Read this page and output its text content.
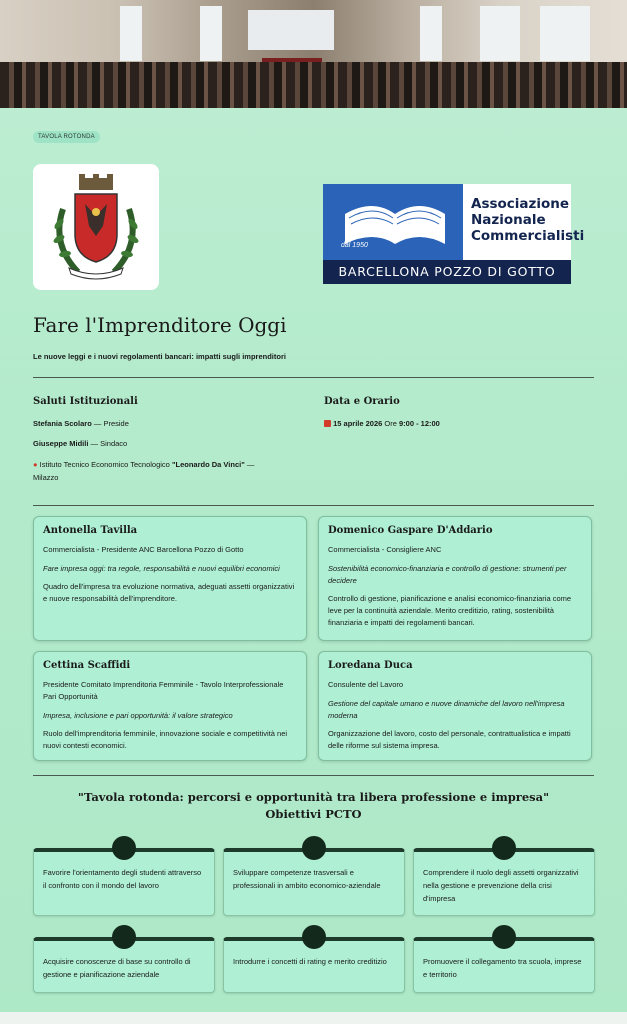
TAVOLA ROTONDA
dal 1950
Associazione
Nazionale
Commercialisti
BARCELLONA POZZO DI GOTTO
Fare l'Imprenditore Oggi
Le nuove leggi e i nuovi regolamenti bancari: impatti sugli imprenditori
Saluti Istituzionali
Stefania Scolaro — Preside
Giuseppe Midili — Sindaco
● Istituto Tecnico Economico Tecnologico "Leonardo Da Vinci" —
Milazzo
Data e Orario
15 aprile 2026 Ore 9:00 - 12:00
Antonella Tavilla
Commercialista - Presidente ANC Barcellona Pozzo di Gotto
Fare impresa oggi: tra regole, responsabilità e nuovi equilibri economici
Quadro dell'impresa tra evoluzione normativa, adeguati assetti organizzativi e nuove responsabilità dell'imprenditore.
Domenico Gaspare D'Addario
Commercialista - Consigliere ANC
Sostenibilità economico-finanziaria e controllo di gestione: strumenti per decidere
Controllo di gestione, pianificazione e analisi economico-finanziaria come leve per la continuità aziendale. Merito creditizio, rating, sostenibilità finanziaria e impatti dei regolamenti bancari.
Cettina Scaffidi
Presidente Comitato Imprenditoria Femminile - Tavolo Interprofessionale Pari Opportunità
Impresa, inclusione e pari opportunità: il valore strategico
Ruolo dell'imprenditoria femminile, innovazione sociale e competitività nei nuovi contesti economici.
Loredana Duca
Consulente del Lavoro
Gestione del capitale umano e nuove dinamiche del lavoro nell'impresa moderna
Organizzazione del lavoro, costo del personale, contrattualistica e impatti delle riforme sul sistema impresa.
"Tavola rotonda: percorsi e opportunità tra libera professione e impresa"
Obiettivi PCTO
Favorire l'orientamento degli studenti attraverso il confronto con il mondo del lavoro
Sviluppare competenze trasversali e professionali in ambito economico-aziendale
Comprendere il ruolo degli assetti organizzativi nella gestione e prevenzione della crisi d'impresa
Acquisire conoscenze di base su controllo di gestione e pianificazione aziendale
Introdurre i concetti di rating e merito creditizio	Promuovere il collegamento tra scuola, imprese e territorio
